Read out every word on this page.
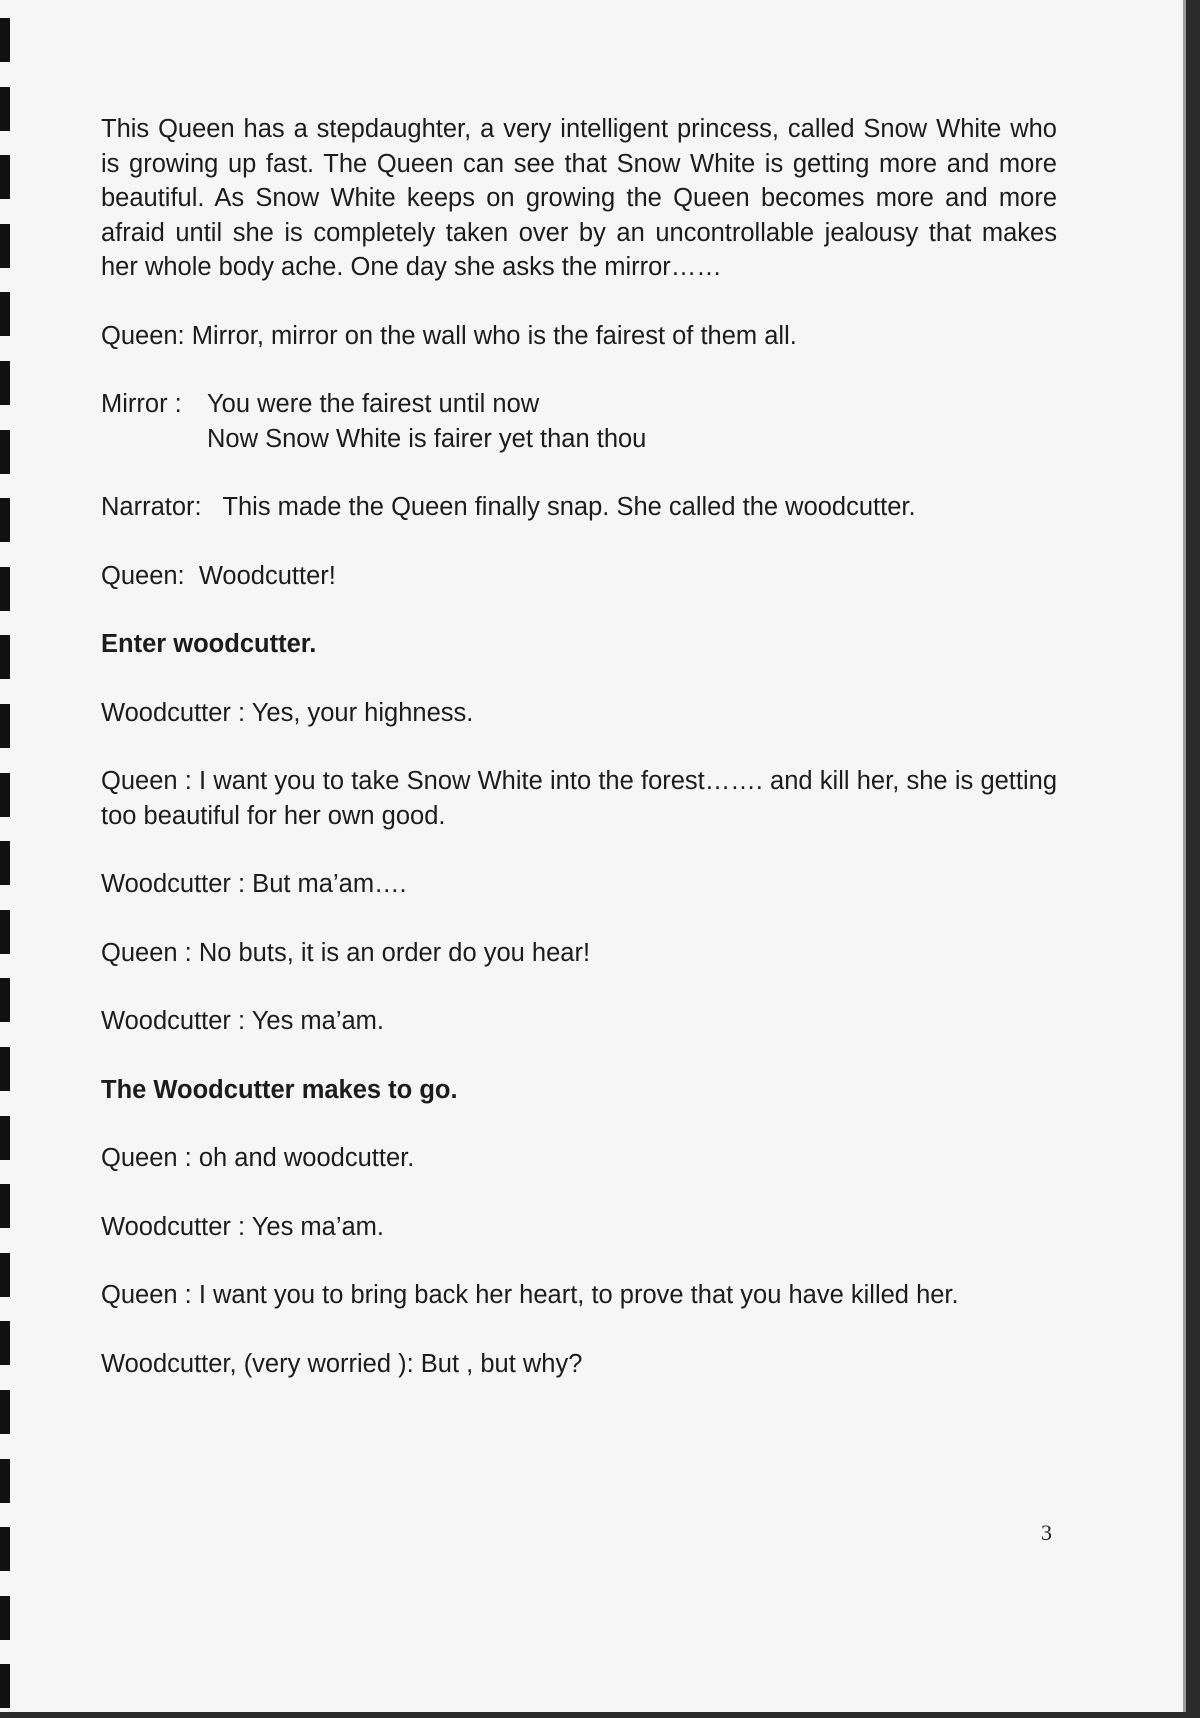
This Queen has a stepdaughter, a very intelligent princess, called Snow White who is growing up fast. The Queen can see that Snow White is getting more and more beautiful. As Snow White keeps on growing the Queen becomes more and more afraid until she is completely taken over by an uncontrollable jealousy that makes her whole body ache. One day she asks the mirror……

Queen: Mirror, mirror on the wall who is the fairest of them all.

Mirror : You were the fairest until now
Now Snow White is fairer yet than thou

Narrator:   This made the Queen finally snap. She called the woodcutter.

Queen:  Woodcutter!

Enter woodcutter.

Woodcutter : Yes, your highness.

Queen : I want you to take Snow White into the forest……. and kill her, she is getting too beautiful for her own good.

Woodcutter : But ma’am….

Queen : No buts, it is an order do you hear!

Woodcutter : Yes ma’am.

The Woodcutter makes to go.

Queen : oh and woodcutter.

Woodcutter : Yes ma’am.

Queen : I want you to bring back her heart, to prove that you have killed her.

Woodcutter, (very worried ): But , but why?

3
